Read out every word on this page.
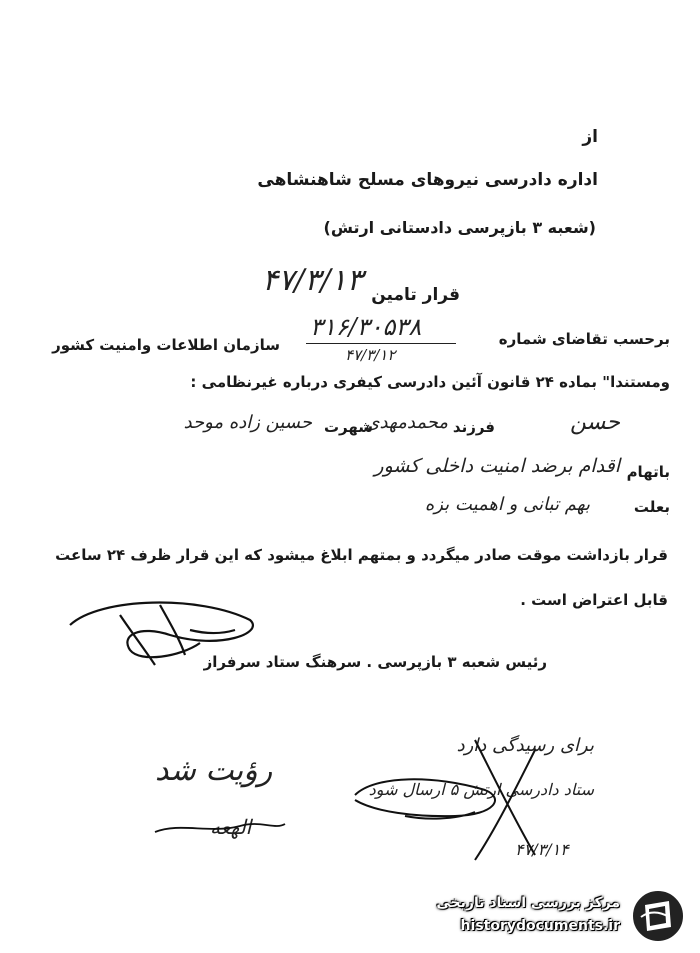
از
اداره دادرسی نیروهای مسلح شاهنشاهی
(شعبه ۳ بازپرسی دادستانی ارتش)
قرار تامین
۴۷/۳/۱۳
برحسب تقاضای شماره
۳۱۶/۳۰۵۳۸
۴۷/۳/۱۲
سازمان اطلاعات وامنیت کشور
ومستندا" بماده ۲۴ قانون آئین دادرسی کیفری درباره غیرنظامی :
حسن
فرزند
محمدمهدی
شهرت
حسین زاده موحد
باتهام
اقدام برضد امنیت داخلی کشور
بعلت
بهم تبانی و اهمیت بزه
قرار بازداشت موقت صادر میگردد و بمتهم ابلاغ میشود که این قرار ظرف ۲۴ ساعت
قابل اعتراض است .
رئیس شعبه ۳ بازپرسی . سرهنگ ستاد سرفراز
رؤیت شد
الهعه
برای رسیدگی دارد
ستاد دادرسی ارتش ۵ ارسال شود
۴۷/۳/۱۴
مرکز بررسی اسناد تاریخی
historydocuments.ir
